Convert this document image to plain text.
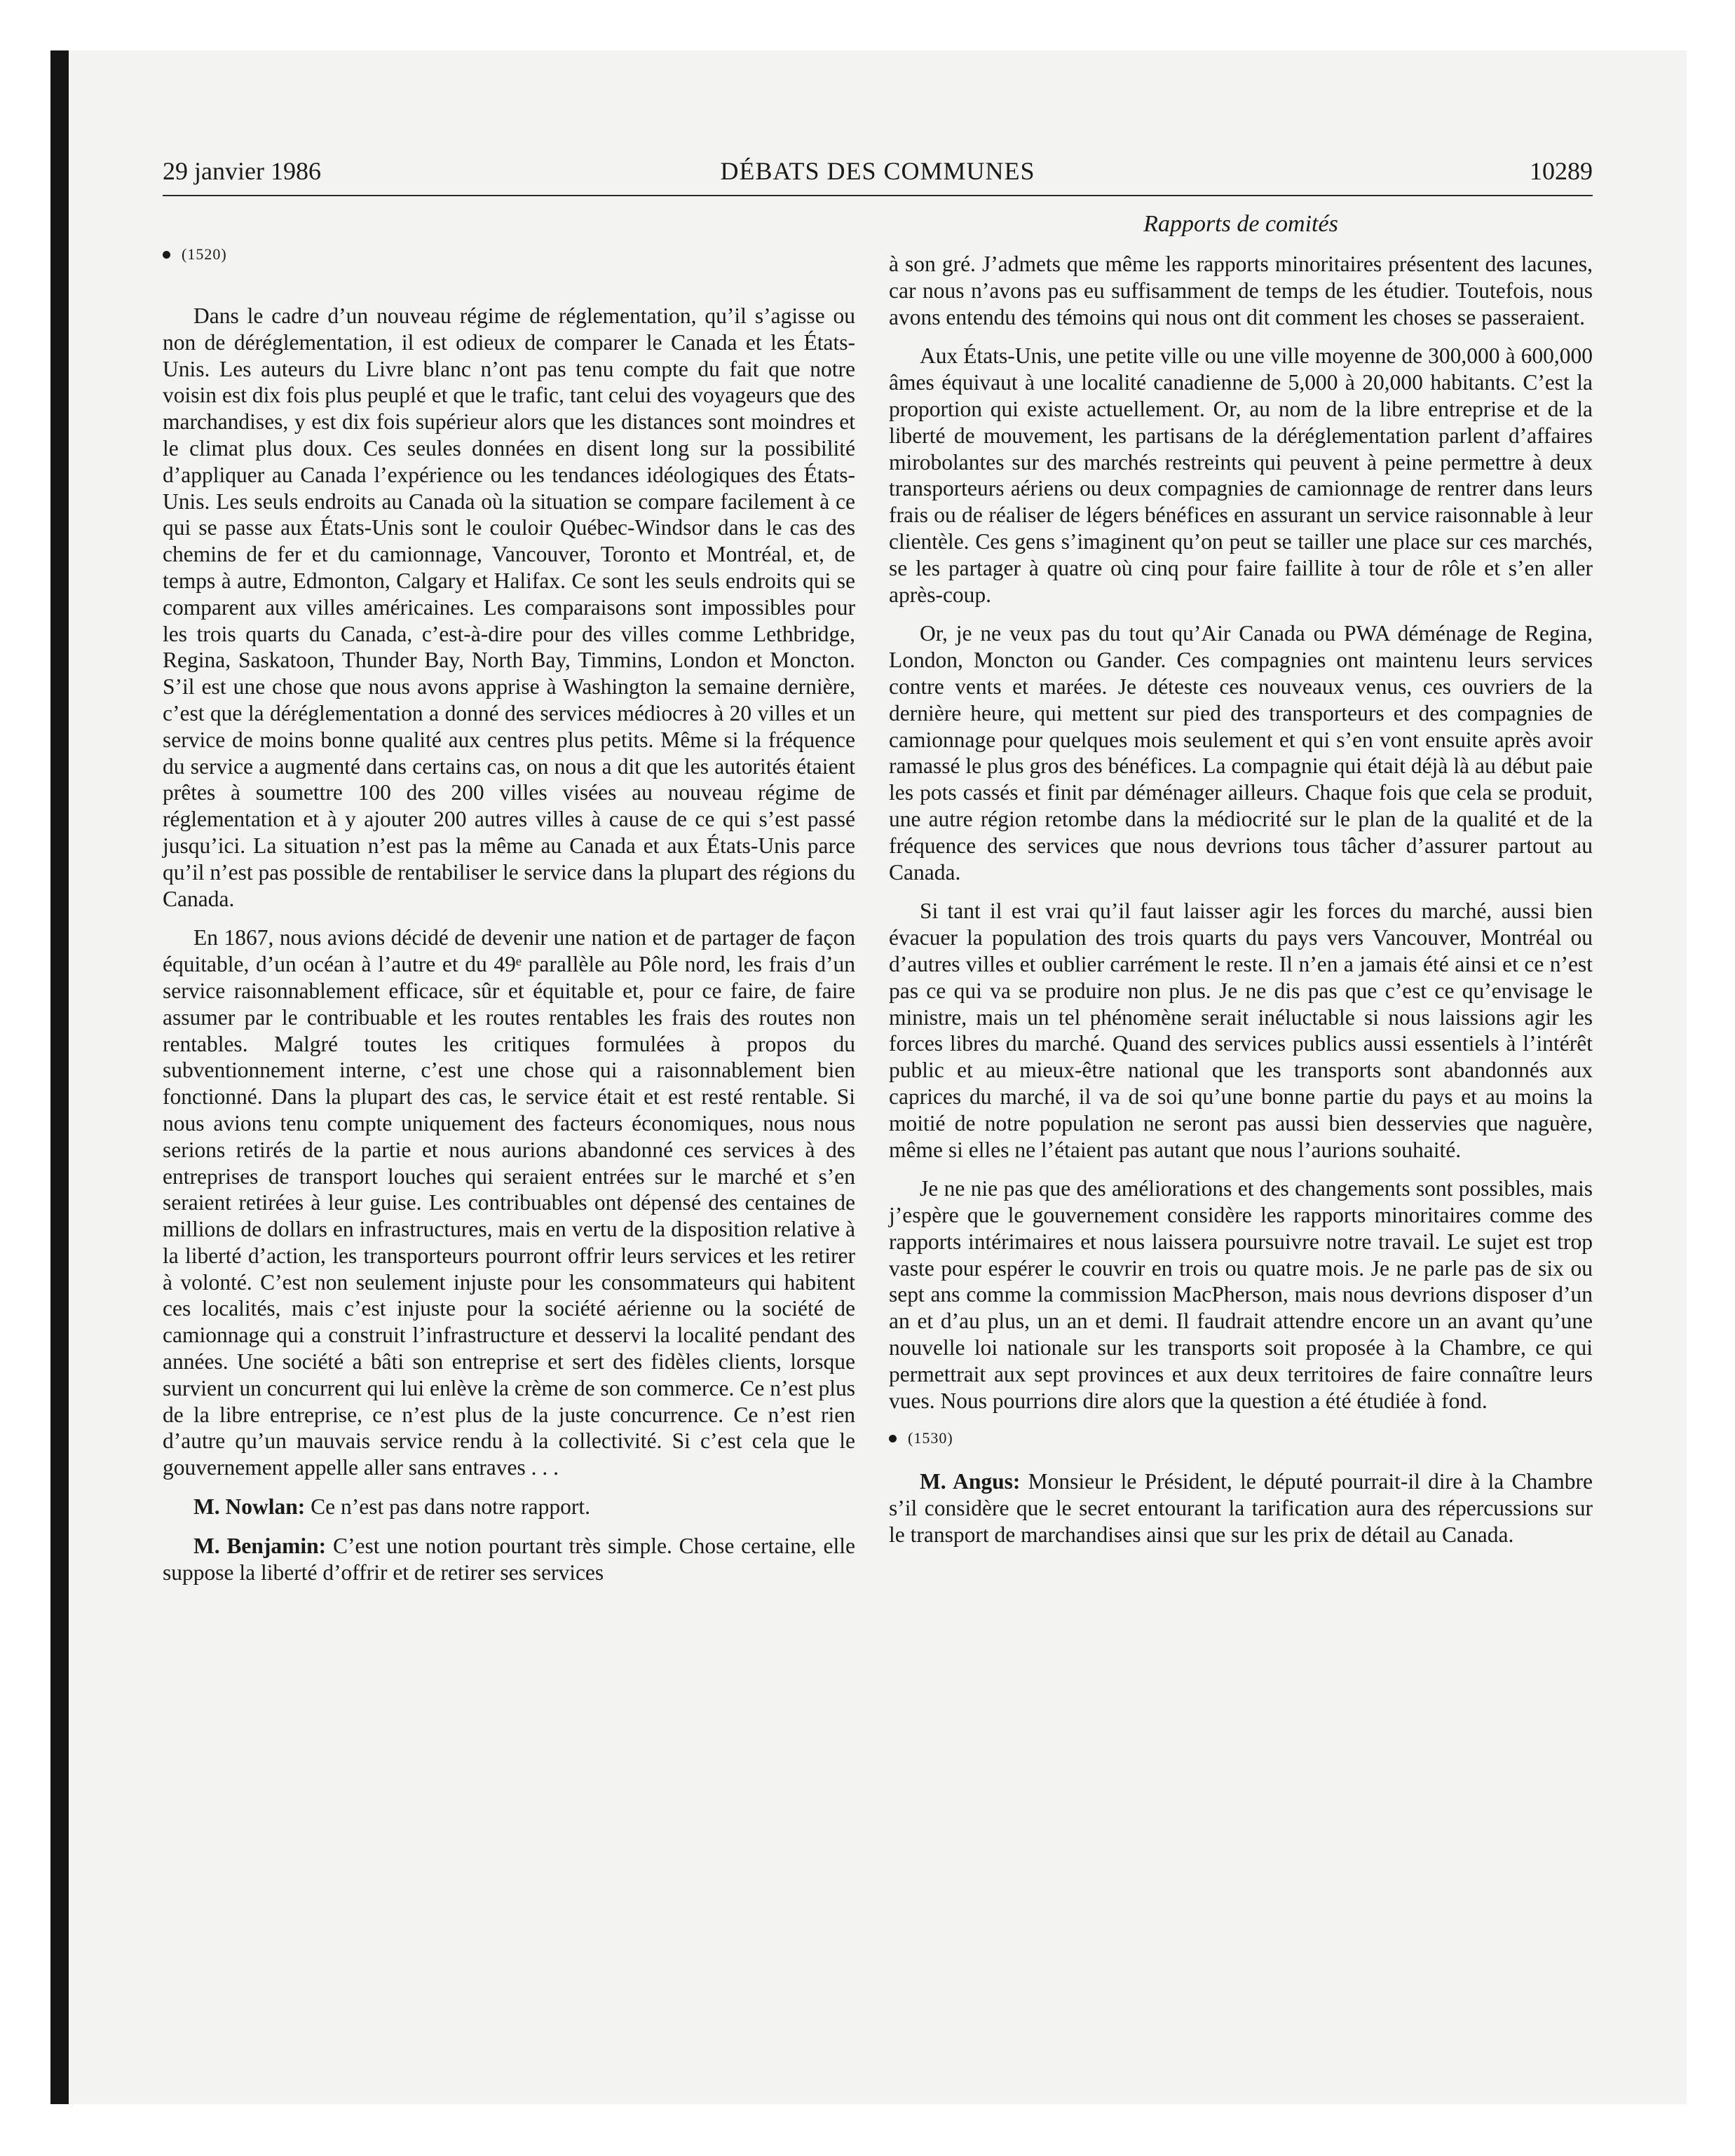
29 janvier 1986	DÉBATS DES COMMUNES	10289
Rapports de comités
(1520)

Dans le cadre d’un nouveau régime de réglementation, qu’il s’agisse ou non de déréglementation, il est odieux de comparer le Canada et les États-Unis. Les auteurs du Livre blanc n’ont pas tenu compte du fait que notre voisin est dix fois plus peuplé et que le trafic, tant celui des voyageurs que des marchandises, y est dix fois supérieur alors que les distances sont moindres et le climat plus doux. Ces seules données en disent long sur la possibilité d’appliquer au Canada l’expérience ou les tendances idéologiques des États-Unis. Les seuls endroits au Canada où la situation se compare facilement à ce qui se passe aux États-Unis sont le couloir Québec-Windsor dans le cas des chemins de fer et du camionnage, Vancouver, Toronto et Montréal, et, de temps à autre, Edmonton, Calgary et Halifax. Ce sont les seuls endroits qui se comparent aux villes américaines. Les comparaisons sont impossibles pour les trois quarts du Canada, c’est-à-dire pour des villes comme Lethbridge, Regina, Saskatoon, Thunder Bay, North Bay, Timmins, London et Moncton. S’il est une chose que nous avons apprise à Washington la semaine dernière, c’est que la déréglementation a donné des services médiocres à 20 villes et un service de moins bonne qualité aux centres plus petits. Même si la fréquence du service a augmenté dans certains cas, on nous a dit que les autorités étaient prêtes à soumettre 100 des 200 villes visées au nouveau régime de réglementation et à y ajouter 200 autres villes à cause de ce qui s’est passé jusqu’ici. La situation n’est pas la même au Canada et aux États-Unis parce qu’il n’est pas possible de rentabiliser le service dans la plupart des régions du Canada.

En 1867, nous avions décidé de devenir une nation et de partager de façon équitable, d’un océan à l’autre et du 49ᵉ parallèle au Pôle nord, les frais d’un service raisonnablement efficace, sûr et équitable et, pour ce faire, de faire assumer par le contribuable et les routes rentables les frais des routes non rentables. Malgré toutes les critiques formulées à propos du subventionnement interne, c’est une chose qui a raisonnablement bien fonctionné. Dans la plupart des cas, le service était et est resté rentable. Si nous avions tenu compte uniquement des facteurs économiques, nous nous serions retirés de la partie et nous aurions abandonné ces services à des entreprises de transport louches qui seraient entrées sur le marché et s’en seraient retirées à leur guise. Les contribuables ont dépensé des centaines de millions de dollars en infrastructures, mais en vertu de la disposition relative à la liberté d’action, les transporteurs pourront offrir leurs services et les retirer à volonté. C’est non seulement injuste pour les consommateurs qui habitent ces localités, mais c’est injuste pour la société aérienne ou la société de camionnage qui a construit l’infrastructure et desservi la localité pendant des années. Une société a bâti son entreprise et sert des fidèles clients, lorsque survient un concurrent qui lui enlève la crème de son commerce. Ce n’est plus de la libre entreprise, ce n’est plus de la juste concurrence. Ce n’est rien d’autre qu’un mauvais service rendu à la collectivité. Si c’est cela que le gouvernement appelle aller sans entraves . . .

M. Nowlan: Ce n’est pas dans notre rapport.

M. Benjamin: C’est une notion pourtant très simple. Chose certaine, elle suppose la liberté d’offrir et de retirer ses services

à son gré. J’admets que même les rapports minoritaires présentent des lacunes, car nous n’avons pas eu suffisamment de temps de les étudier. Toutefois, nous avons entendu des témoins qui nous ont dit comment les choses se passeraient.

Aux États-Unis, une petite ville ou une ville moyenne de 300,000 à 600,000 âmes équivaut à une localité canadienne de 5,000 à 20,000 habitants. C’est la proportion qui existe actuellement. Or, au nom de la libre entreprise et de la liberté de mouvement, les partisans de la déréglementation parlent d’affaires mirobolantes sur des marchés restreints qui peuvent à peine permettre à deux transporteurs aériens ou deux compagnies de camionnage de rentrer dans leurs frais ou de réaliser de légers bénéfices en assurant un service raisonnable à leur clientèle. Ces gens s’imaginent qu’on peut se tailler une place sur ces marchés, se les partager à quatre où cinq pour faire faillite à tour de rôle et s’en aller après-coup.

Or, je ne veux pas du tout qu’Air Canada ou PWA déménage de Regina, London, Moncton ou Gander. Ces compagnies ont maintenu leurs services contre vents et marées. Je déteste ces nouveaux venus, ces ouvriers de la dernière heure, qui mettent sur pied des transporteurs et des compagnies de camionnage pour quelques mois seulement et qui s’en vont ensuite après avoir ramassé le plus gros des bénéfices. La compagnie qui était déjà là au début paie les pots cassés et finit par déménager ailleurs. Chaque fois que cela se produit, une autre région retombe dans la médiocrité sur le plan de la qualité et de la fréquence des services que nous devrions tous tâcher d’assurer partout au Canada.

Si tant il est vrai qu’il faut laisser agir les forces du marché, aussi bien évacuer la population des trois quarts du pays vers Vancouver, Montréal ou d’autres villes et oublier carrément le reste. Il n’en a jamais été ainsi et ce n’est pas ce qui va se produire non plus. Je ne dis pas que c’est ce qu’envisage le ministre, mais un tel phénomène serait inéluctable si nous laissions agir les forces libres du marché. Quand des services publics aussi essentiels à l’intérêt public et au mieux-être national que les transports sont abandonnés aux caprices du marché, il va de soi qu’une bonne partie du pays et au moins la moitié de notre population ne seront pas aussi bien desservies que naguère, même si elles ne l’étaient pas autant que nous l’aurions souhaité.

Je ne nie pas que des améliorations et des changements sont possibles, mais j’espère que le gouvernement considère les rapports minoritaires comme des rapports intérimaires et nous laissera poursuivre notre travail. Le sujet est trop vaste pour espérer le couvrir en trois ou quatre mois. Je ne parle pas de six ou sept ans comme la commission MacPherson, mais nous devrions disposer d’un an et d’au plus, un an et demi. Il faudrait attendre encore un an avant qu’une nouvelle loi nationale sur les transports soit proposée à la Chambre, ce qui permettrait aux sept provinces et aux deux territoires de faire connaître leurs vues. Nous pourrions dire alors que la question a été étudiée à fond.

(1530)

M. Angus: Monsieur le Président, le député pourrait-il dire à la Chambre s’il considère que le secret entourant la tarification aura des répercussions sur le transport de marchandises ainsi que sur les prix de détail au Canada.
